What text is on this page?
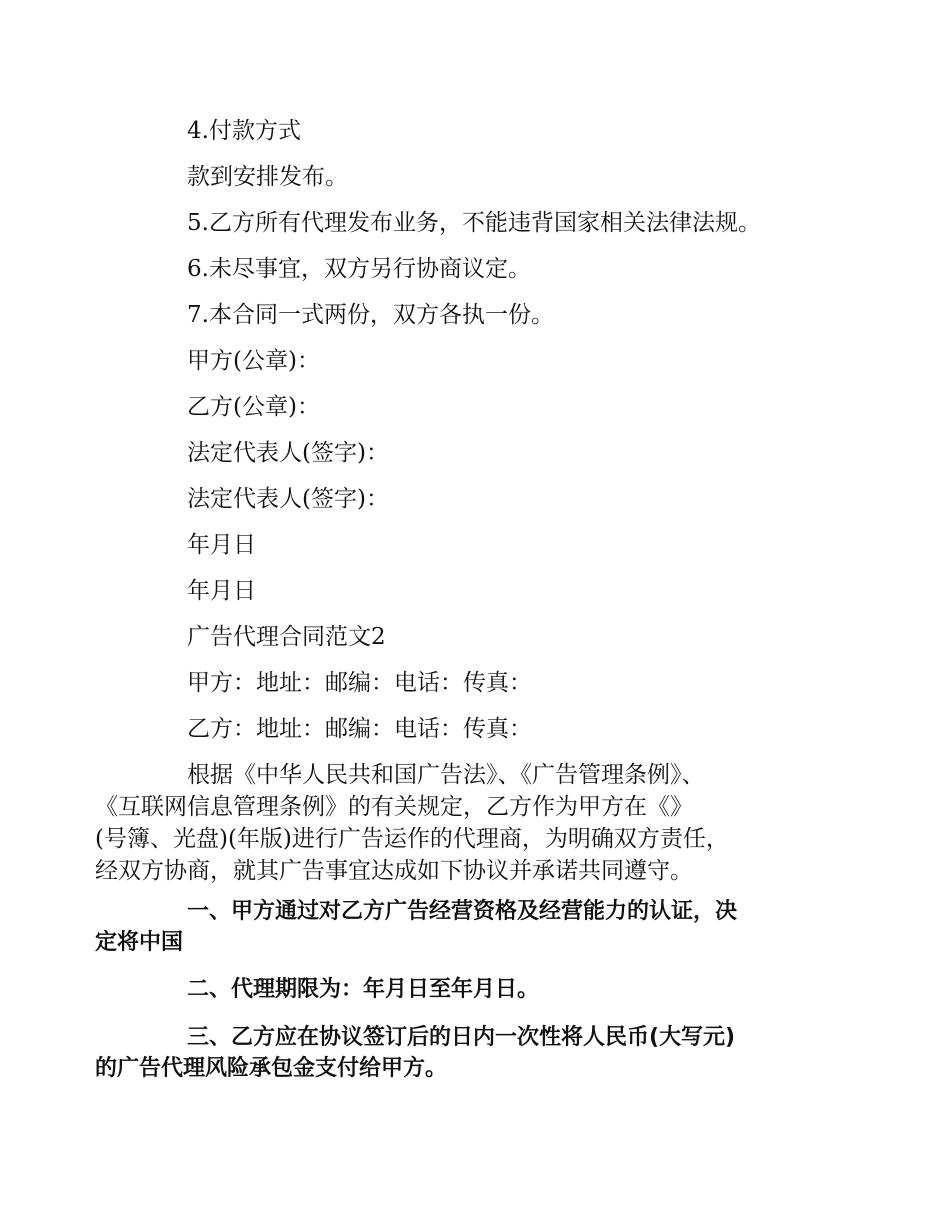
4.付款方式

款到安排发布。

5.乙方所有代理发布业务，不能违背国家相关法律法规。

6.未尽事宜，双方另行协商议定。

7.本合同一式两份，双方各执一份。

甲方(公章)：

乙方(公章)：

法定代表人(签字)：

法定代表人(签字)：

年月日

年月日

广告代理合同范文2

甲方：地址：邮编：电话：传真：

乙方：地址：邮编：电话：传真：

根据《中华人民共和国广告法》、《广告管理条例》、
《互联网信息管理条例》的有关规定，乙方作为甲方在《》
(号簿、光盘)(年版)进行广告运作的代理商，为明确双方责任，
经双方协商，就其广告事宜达成如下协议并承诺共同遵守。

一、甲方通过对乙方广告经营资格及经营能力的认证，决
定将中国

二、代理期限为：年月日至年月日。

三、乙方应在协议签订后的日内一次性将人民币(大写元)
的广告代理风险承包金支付给甲方。
